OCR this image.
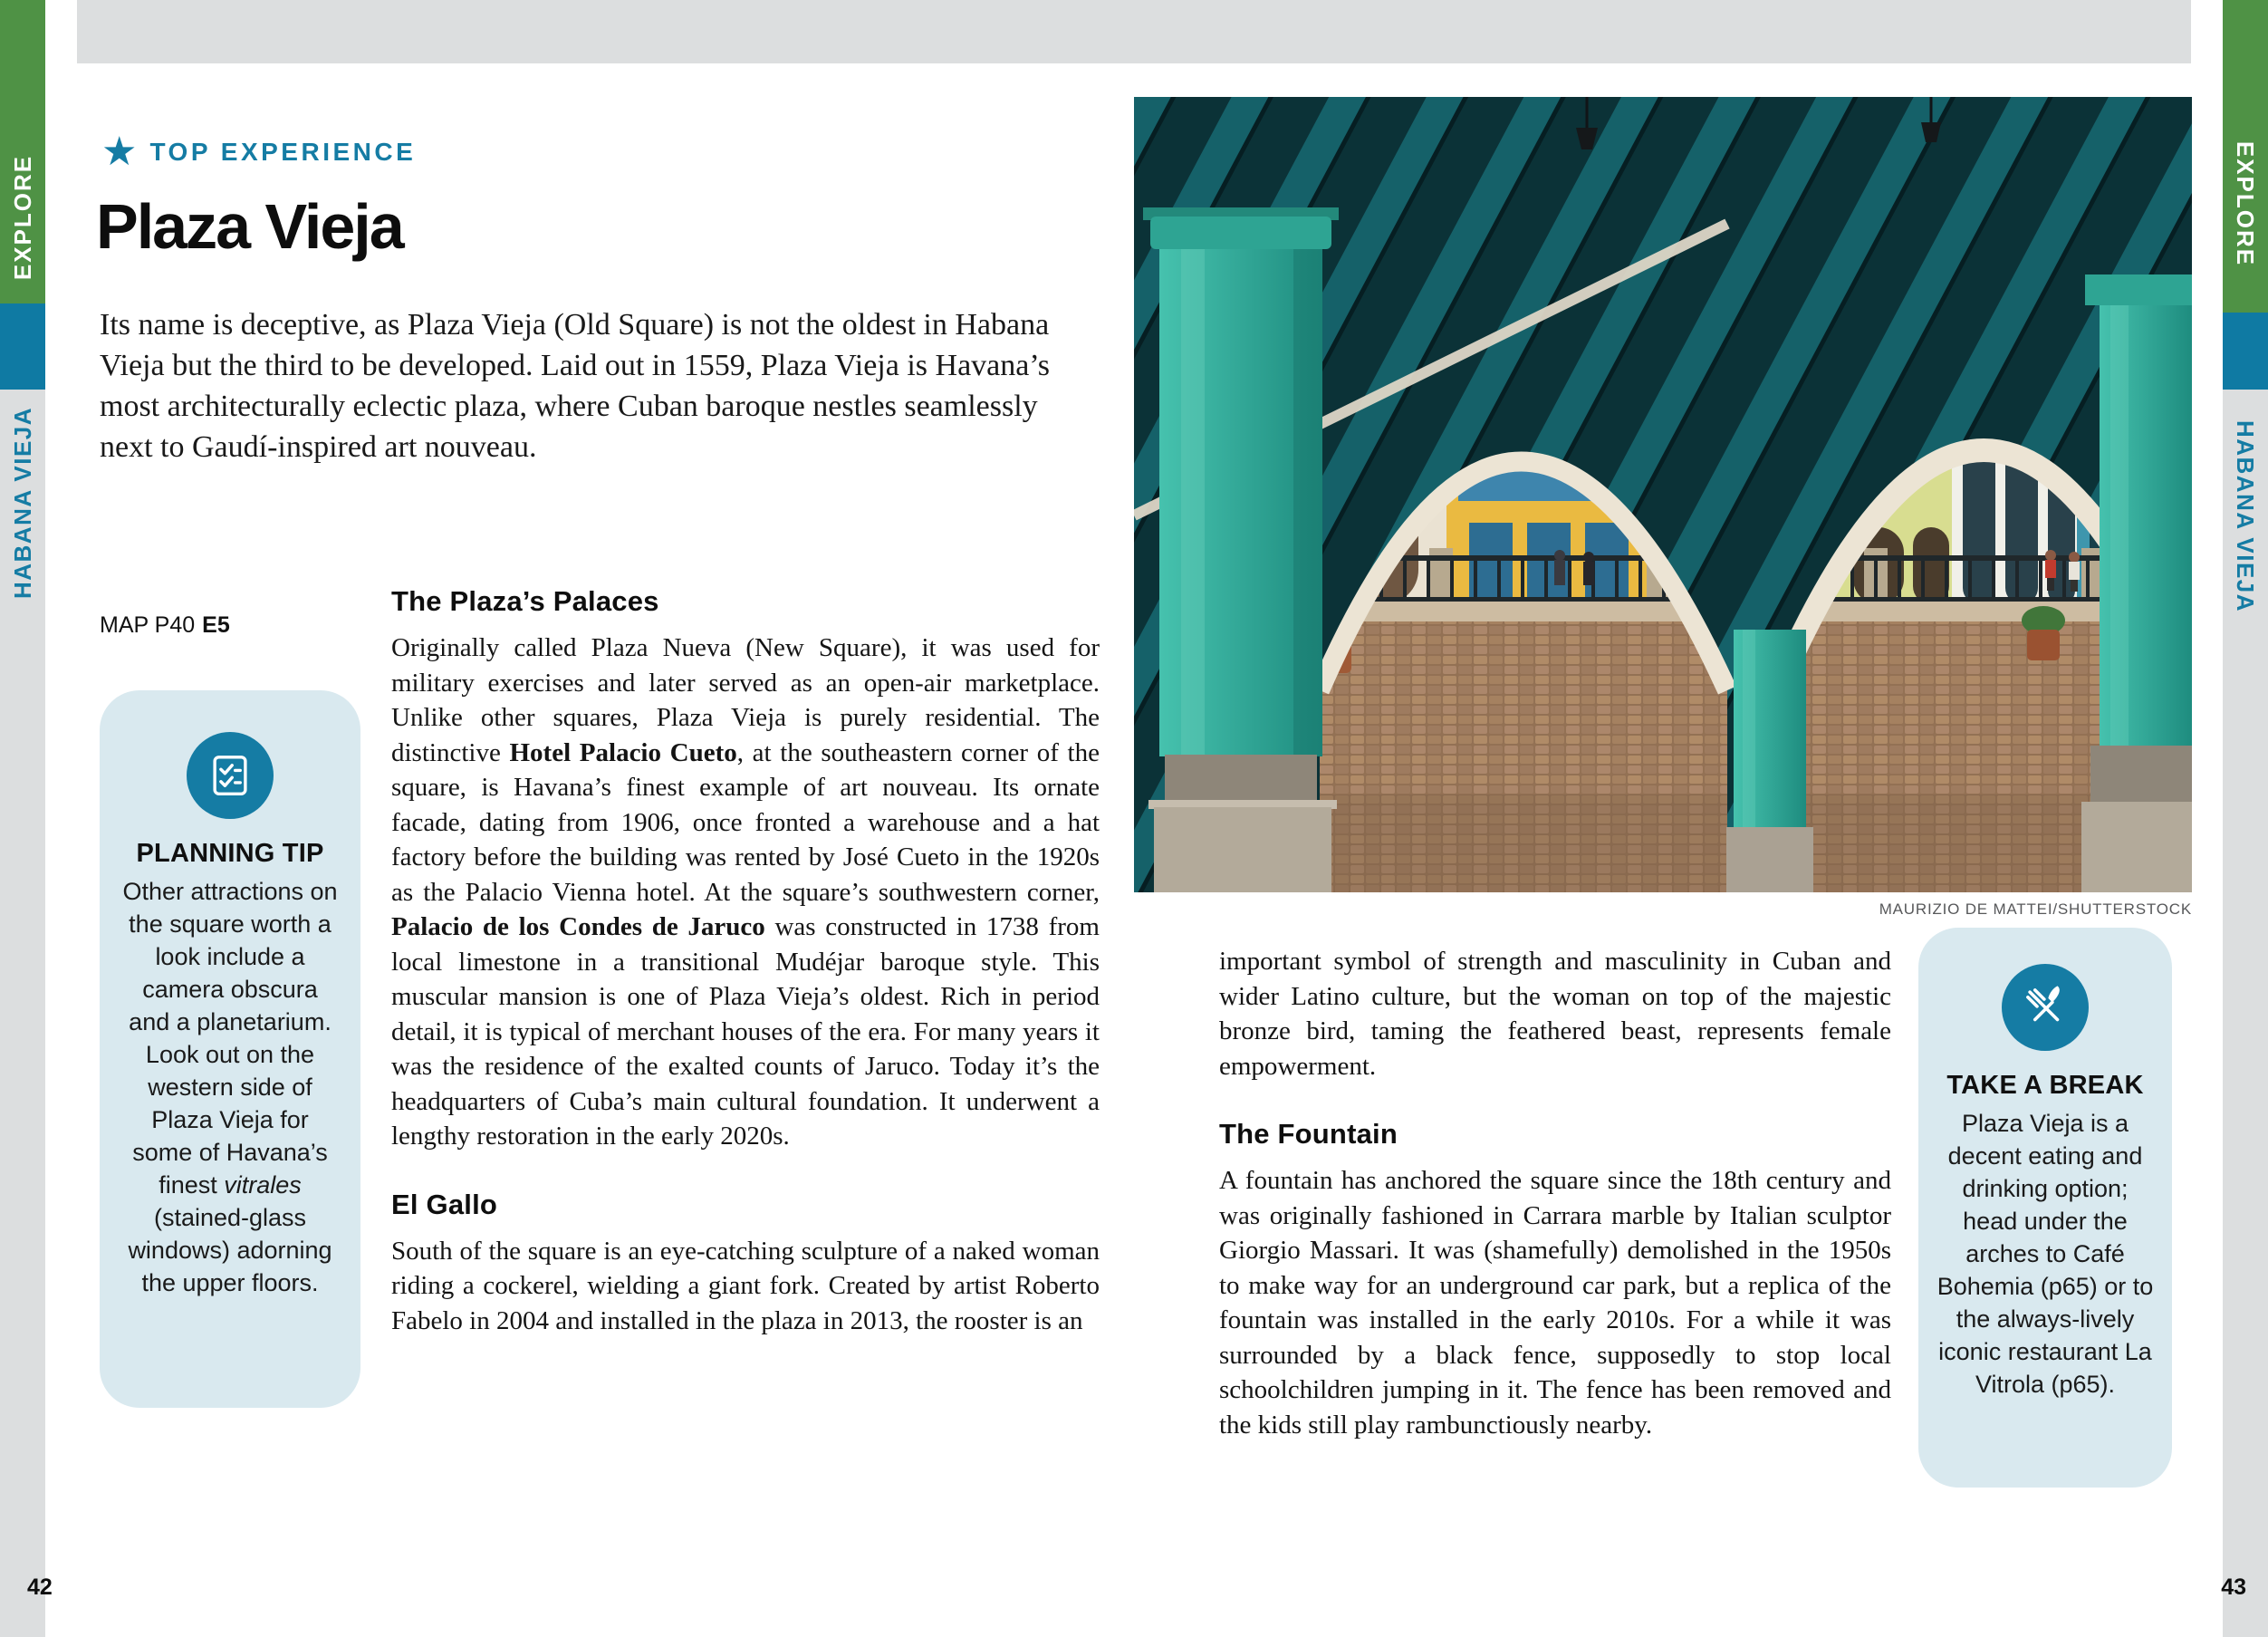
EXPLORE
HABANA VIEJA
EXPLORE
HABANA VIEJA
★ TOP EXPERIENCE
Plaza Vieja

Its name is deceptive, as Plaza Vieja (Old Square) is not the oldest in Habana Vieja but the third to be developed. Laid out in 1559, Plaza Vieja is Havana’s most architecturally eclectic plaza, where Cuban baroque nestles seamlessly next to Gaudí-inspired art nouveau.

MAP P40 E5
PLANNING TIP
Other attractions on the square worth a look include a camera obscura and a planetarium. Look out on the western side of Plaza Vieja for some of Havana’s finest vitrales (stained-glass windows) adorning the upper floors.
The Plaza’s Palaces

Originally called Plaza Nueva (New Square), it was used for military exercises and later served as an open-air marketplace. Unlike other squares, Plaza Vieja is purely residential. The distinctive Hotel Palacio Cueto, at the southeastern corner of the square, is Havana’s finest example of art nouveau. Its ornate facade, dating from 1906, once fronted a warehouse and a hat factory before the building was rented by José Cueto in the 1920s as the Palacio Vienna hotel. At the square’s southwestern corner, Palacio de los Condes de Jaruco was constructed in 1738 from local limestone in a transitional Mudéjar baroque style. This muscular mansion is one of Plaza Vieja’s oldest. Rich in period detail, it is typical of merchant houses of the era. For many years it was the residence of the exalted counts of Jaruco. Today it’s the headquarters of Cuba’s main cultural foundation. It underwent a lengthy restoration in the early 2020s.

El Gallo

South of the square is an eye-catching sculpture of a naked woman riding a cockerel, wielding a giant fork. Created by artist Roberto Fabelo in 2004 and installed in the plaza in 2013, the rooster is an

MAURIZIO DE MATTEI/SHUTTERSTOCK

important symbol of strength and masculinity in Cuban and wider Latino culture, but the woman on top of the majestic bronze bird, taming the feathered beast, represents female empowerment.

The Fountain

A fountain has anchored the square since the 18th century and was originally fashioned in Carrara marble by Italian sculptor Giorgio Massari. It was (shamefully) demolished in the 1950s to make way for an underground car park, but a replica of the fountain was installed in the early 2010s. For a while it was surrounded by a black fence, supposedly to stop local schoolchildren jumping in it. The fence has been removed and the kids still play rambunctiously nearby.

TAKE A BREAK
Plaza Vieja is a decent eating and drinking option; head under the arches to Café Bohemia (p65) or to the always-lively iconic restaurant La Vitrola (p65).
42	43
